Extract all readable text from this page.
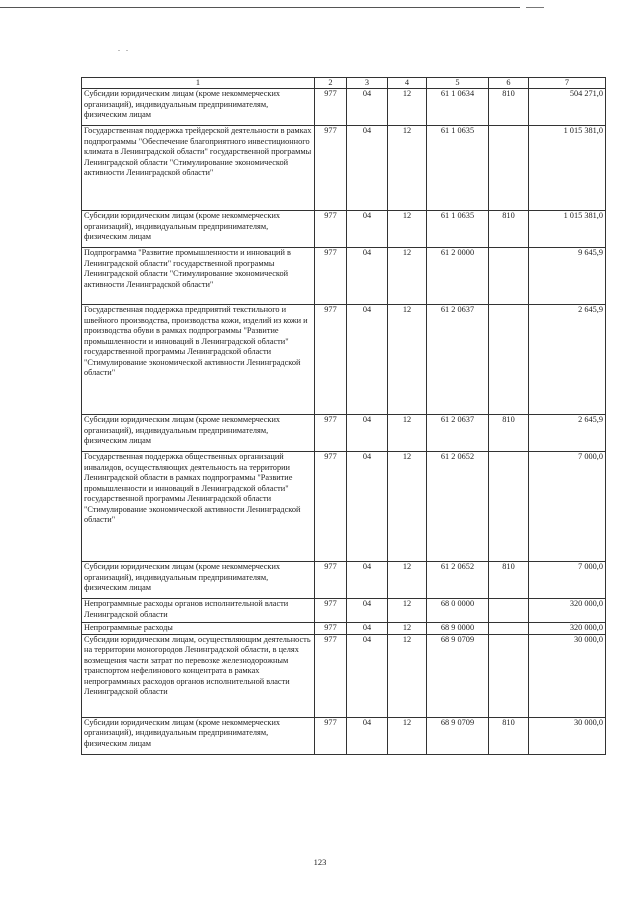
. .
1	2	3	4	5	6	7
Субсидии юридическим лицам (кроме некоммерческих организаций), индивидуальным предпринимателям, физическим лицам	977	04	12	61 1 0634	810	504 271,0
Государственная поддержка трейдерской деятельности в рамках подпрограммы "Обеспечение благоприятного инвестиционного климата в Ленинградской области" государственной программы Ленинградской области "Стимулирование экономической активности Ленинградской области"	977	04	12	61 1 0635		1 015 381,0
Субсидии юридическим лицам (кроме некоммерческих организаций), индивидуальным предпринимателям, физическим лицам	977	04	12	61 1 0635	810	1 015 381,0
Подпрограмма "Развитие промышленности и инноваций в Ленинградской области" государственной программы Ленинградской области "Стимулирование экономической активности Ленинградской области"	977	04	12	61 2 0000		9 645,9
Государственная поддержка предприятий текстильного и швейного производства, производства кожи, изделий из кожи и производства обуви в рамках подпрограммы "Развитие промышленности и инноваций в Ленинградской области" государственной программы Ленинградской области "Стимулирование экономической активности Ленинградской области"	977	04	12	61 2 0637		2 645,9
Субсидии юридическим лицам (кроме некоммерческих организаций), индивидуальным предпринимателям, физическим лицам	977	04	12	61 2 0637	810	2 645,9
Государственная поддержка общественных организаций инвалидов, осуществляющих деятельность на территории Ленинградской области в рамках подпрограммы "Развитие промышленности и инноваций в Ленинградской области" государственной программы Ленинградской области "Стимулирование экономической активности Ленинградской области"	977	04	12	61 2 0652		7 000,0
Субсидии юридическим лицам (кроме некоммерческих организаций), индивидуальным предпринимателям, физическим лицам	977	04	12	61 2 0652	810	7 000,0
Непрограммные расходы органов исполнительной власти Ленинградской области	977	04	12	68 0 0000		320 000,0
Непрограммные расходы	977	04	12	68 9 0000		320 000,0
Субсидии юридическим лицам, осуществляющим деятельность на территории моногородов Ленинградской области, в целях возмещения части затрат по перевозке железнодорожным транспортом нефелинового концентрата в рамках непрограммных расходов органов исполнительной власти Ленинградской области	977	04	12	68 9 0709		30 000,0
Субсидии юридическим лицам (кроме некоммерческих организаций), индивидуальным предпринимателям, физическим лицам	977	04	12	68 9 0709	810	30 000,0
123
